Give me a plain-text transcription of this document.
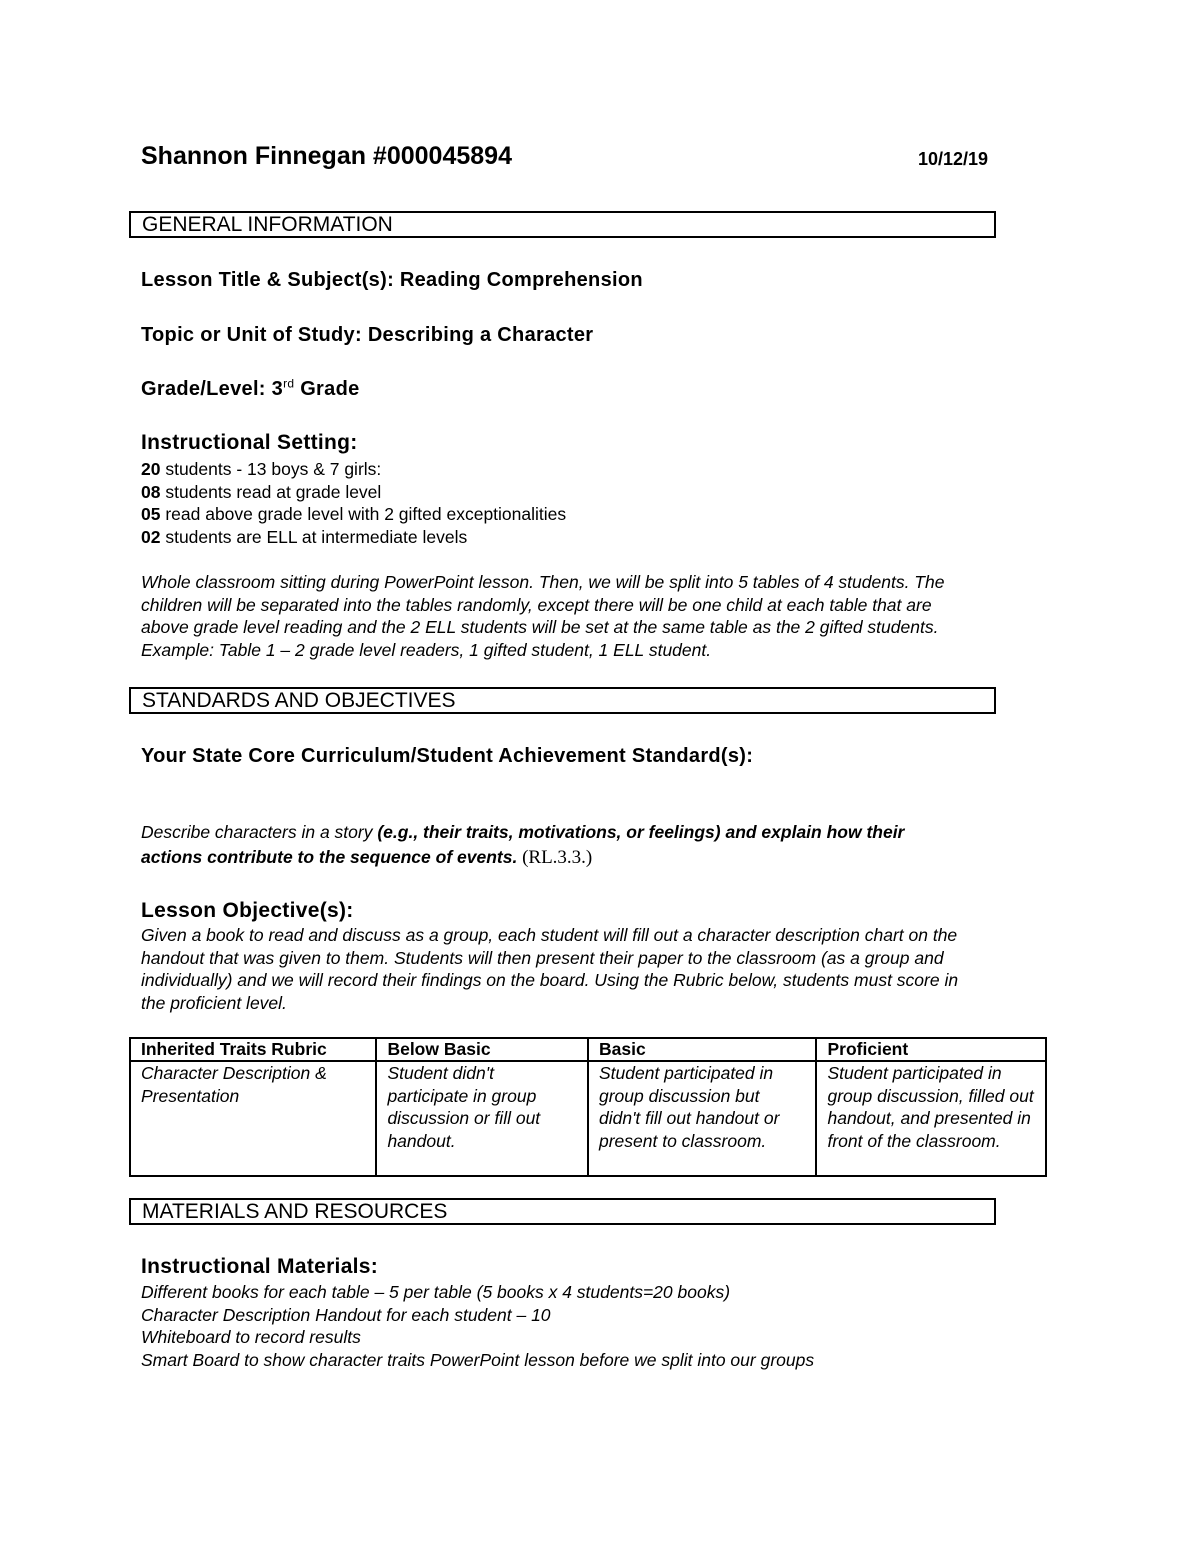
Shannon Finnegan #000045894	10/12/19
GENERAL INFORMATION
Lesson Title & Subject(s): Reading Comprehension
Topic or Unit of Study: Describing a Character
Grade/Level: 3rd Grade
Instructional Setting:
20 students - 13 boys & 7 girls:
08 students read at grade level
05 read above grade level with 2 gifted exceptionalities
02 students are ELL at intermediate levels
Whole classroom sitting during PowerPoint lesson. Then, we will be split into 5 tables of 4 students. The
children will be separated into the tables randomly, except there will be one child at each table that are
above grade level reading and the 2 ELL students will be set at the same table as the 2 gifted students.
Example: Table 1 – 2 grade level readers, 1 gifted student, 1 ELL student.
STANDARDS AND OBJECTIVES
Your State Core Curriculum/Student Achievement Standard(s):
Describe characters in a story (e.g., their traits, motivations, or feelings) and explain how their
actions contribute to the sequence of events. (RL.3.3.)
Lesson Objective(s):
Given a book to read and discuss as a group, each student will fill out a character description chart on the
handout that was given to them. Students will then present their paper to the classroom (as a group and
individually) and we will record their findings on the board. Using the Rubric below, students must score in
the proficient level.
Inherited Traits Rubric	Below Basic	Basic	Proficient
Character Description & Presentation	Student didn't participate in group discussion or fill out handout.	Student participated in group discussion but didn't fill out handout or present to classroom.	Student participated in group discussion, filled out handout, and presented in front of the classroom.
MATERIALS AND RESOURCES
Instructional Materials:
Different books for each table – 5 per table (5 books x 4 students=20 books)
Character Description Handout for each student – 10
Whiteboard to record results
Smart Board to show character traits PowerPoint lesson before we split into our groups
